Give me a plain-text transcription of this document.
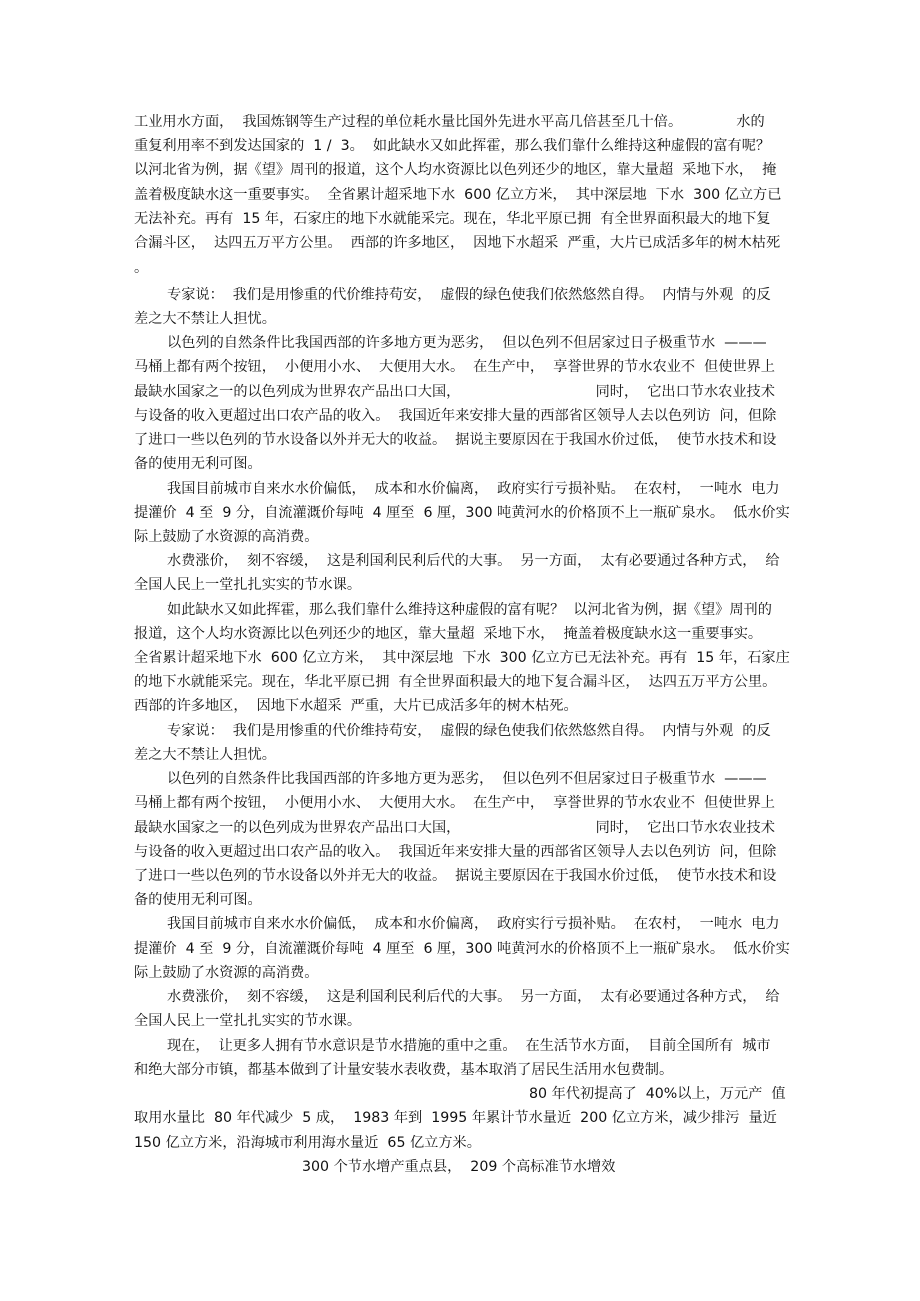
工业用水方面，  我国炼钢等生产过程的单位耗水量比国外先进水平高几倍甚至几十倍。            水的
重复利用率不到发达国家的  1 /  3。  如此缺水又如此挥霍，那么我们靠什么维持这种虚假的富有呢？
以河北省为例，据《望》周刊的报道，这个人均水资源比以色列还少的地区，靠大量超  采地下水，  掩
盖着极度缺水这一重要事实。  全省累计超采地下水  600 亿立方米，  其中深层地  下水  300 亿立方已
无法补充。再有  15 年，石家庄的地下水就能采完。现在，华北平原已拥  有全世界面积最大的地下复
合漏斗区，  达四五万平方公里。  西部的许多地区，  因地下水超采  严重，大片已成活多年的树木枯死
。
专家说：  我们是用惨重的代价维持苟安，  虚假的绿色使我们依然悠然自得。  内情与外观  的反
差之大不禁让人担忧。
以色列的自然条件比我国西部的许多地方更为恶劣，  但以色列不但居家过日子极重节水  ———
马桶上都有两个按钮，  小便用小水、  大便用大水。  在生产中，  享誉世界的节水农业不  但使世界上
最缺水国家之一的以色列成为世界农产品出口大国，                              同时，  它出口节水农业技术
与设备的收入更超过出口农产品的收入。  我国近年来安排大量的西部省区领导人去以色列访  问，但除
了进口一些以色列的节水设备以外并无大的收益。  据说主要原因在于我国水价过低，  使节水技术和设
备的使用无利可图。
我国目前城市自来水水价偏低，  成本和水价偏离，  政府实行亏损补贴。  在农村，  一吨水  电力
提灌价  4 至  9 分，自流灌溉价每吨  4 厘至  6 厘，300 吨黄河水的价格顶不上一瓶矿泉水。  低水价实
际上鼓励了水资源的高消费。
水费涨价，  刻不容缓，  这是利国利民利后代的大事。  另一方面，  太有必要通过各种方式，  给
全国人民上一堂扎扎实实的节水课。
如此缺水又如此挥霍，那么我们靠什么维持这种虚假的富有呢？  以河北省为例，据《望》周刊的
报道，这个人均水资源比以色列还少的地区，靠大量超  采地下水，  掩盖着极度缺水这一重要事实。
全省累计超采地下水  600 亿立方米，  其中深层地  下水  300 亿立方已无法补充。再有  15 年，石家庄
的地下水就能采完。现在，华北平原已拥  有全世界面积最大的地下复合漏斗区，  达四五万平方公里。
西部的许多地区，  因地下水超采  严重，大片已成活多年的树木枯死。
专家说：  我们是用惨重的代价维持苟安，  虚假的绿色使我们依然悠然自得。  内情与外观  的反
差之大不禁让人担忧。
以色列的自然条件比我国西部的许多地方更为恶劣，  但以色列不但居家过日子极重节水  ———
马桶上都有两个按钮，  小便用小水、  大便用大水。  在生产中，  享誉世界的节水农业不  但使世界上
最缺水国家之一的以色列成为世界农产品出口大国，                              同时，  它出口节水农业技术
与设备的收入更超过出口农产品的收入。  我国近年来安排大量的西部省区领导人去以色列访  问，但除
了进口一些以色列的节水设备以外并无大的收益。  据说主要原因在于我国水价过低，  使节水技术和设
备的使用无利可图。
我国目前城市自来水水价偏低，  成本和水价偏离，  政府实行亏损补贴。  在农村，  一吨水  电力
提灌价  4 至  9 分，自流灌溉价每吨  4 厘至  6 厘，300 吨黄河水的价格顶不上一瓶矿泉水。  低水价实
际上鼓励了水资源的高消费。
水费涨价，  刻不容缓，  这是利国利民利后代的大事。  另一方面，  太有必要通过各种方式，  给
全国人民上一堂扎扎实实的节水课。
现在，  让更多人拥有节水意识是节水措施的重中之重。  在生活节水方面，  目前全国所有  城市
和绝大部分市镇，都基本做到了计量安装水表收费，基本取消了居民生活用水包费制。
80 年代初提高了  40%以上，万元产  值
取用水量比  80 年代减少  5 成，  1983 年到  1995 年累计节水量近  200 亿立方米，减少排污  量近
150 亿立方米，沿海城市利用海水量近  65 亿立方米。
300 个节水增产重点县，  209 个高标准节水增效
